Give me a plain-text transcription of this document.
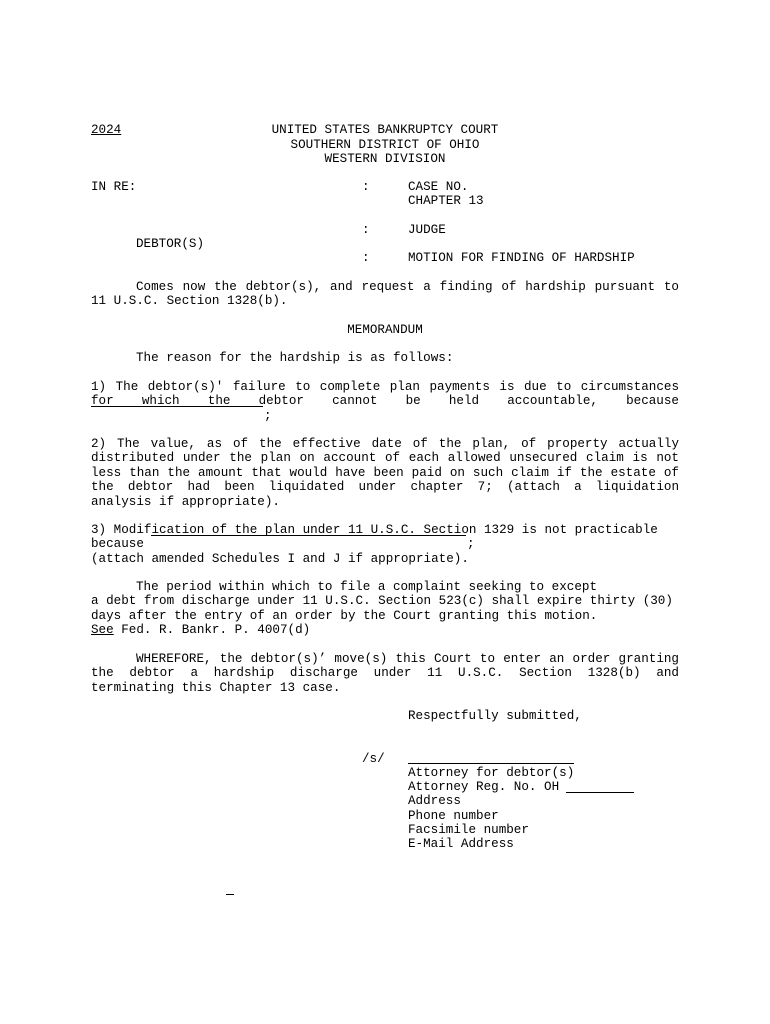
2024	UNITED STATES BANKRUPTCY COURT
SOUTHERN DISTRICT OF OHIO
WESTERN DIVISION
IN RE:	:	CASE NO.
CHAPTER 13
:	JUDGE
DEBTOR(S)
:	MOTION FOR FINDING OF HARDSHIP
Comes now the debtor(s), and request a finding of hardship pursuant to 11 U.S.C. Section 1328(b).
MEMORANDUM
The reason for the hardship is as follows:
1) The debtor(s)' failure to complete plan payments is due to circumstances for which the debtor cannot be held accountable, because
;
2) The value, as of the effective date of the plan, of property actually distributed under the plan on account of each allowed unsecured claim is not less than the amount that would have been paid on such claim if the estate of the debtor had been liquidated under chapter 7; (attach a liquidation analysis if appropriate).
3) Modification of the plan under 11 U.S.C. Section 1329 is not practicable
because	;
(attach amended Schedules I and J if appropriate).
The period within which to file a complaint seeking to except
a debt from discharge under 11 U.S.C. Section 523(c) shall expire thirty (30)
days after the entry of an order by the Court granting this motion.
See Fed. R. Bankr. P. 4007(d)
WHEREFORE, the debtor(s)’ move(s) this Court to enter an order granting the debtor a hardship discharge under 11 U.S.C. Section 1328(b) and terminating this Chapter 13 case.
Respectfully submitted,
/s/
Attorney for debtor(s)
Attorney Reg. No. OH
Address
Phone number
Facsimile number
E-Mail Address
